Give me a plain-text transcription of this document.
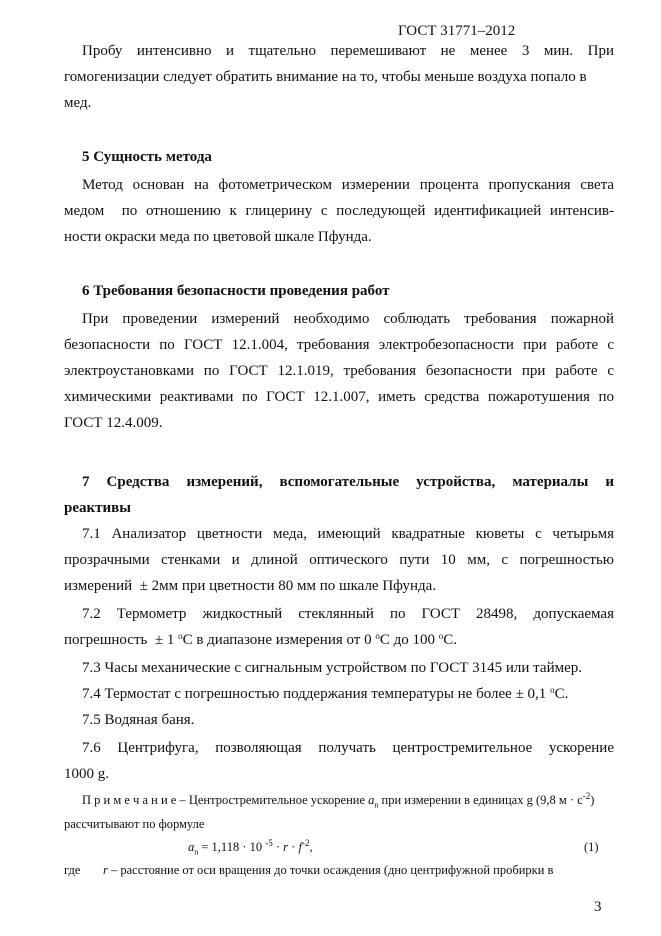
ГОСТ 31771–2012
Пробу интенсивно и тщательно перемешивают не менее 3 мин. При
гомогенизации следует обратить внимание на то, чтобы меньше воздуха попало в
мед.
5 Сущность метода
Метод основан на фотометрическом измерении процента пропускания света
медом  по отношению к глицерину с последующей идентификацией интенсив-
ности окраски меда по цветовой шкале Пфунда.
6 Требования безопасности проведения работ
При проведении измерений необходимо соблюдать требования пожарной
безопасности по ГОСТ 12.1.004, требования электробезопасности при работе с
электроустановками по ГОСТ 12.1.019, требования безопасности при работе с
химическими реактивами по ГОСТ 12.1.007, иметь средства пожаротушения по
ГОСТ 12.4.009.
7  Средства  измерений,  вспомогательные  устройства,  материалы  и
реактивы
7.1 Анализатор цветности меда, имеющий квадратные кюветы с четырьмя
прозрачными стенками и длиной оптического пути 10 мм, с погрешностью
измерений  ± 2мм при цветности 80 мм по шкале Пфунда.
7.2 Термометр жидкостный стеклянный по ГОСТ 28498, допускаемая
погрешность  ± 1 $^о$С в диапазоне измерения от 0 $^о$С до 100 $^о$С.
7.3 Часы механические с сигнальным устройством по ГОСТ 3145 или таймер.
7.4 Термостат с погрешностью поддержания температуры не более ± 0,1 $^о$С.
7.5 Водяная баня.
7.6 Центрифуга, позволяющая получать центростремительное ускорение
1000 g.
П р и м е ч а н и е – Центростремительное ускорение $a_n$ при измерении в единицах g (9,8 $м \cdot с^{-2}$)
рассчитывают по формуле
$a_n = 1,118 \cdot 10$ $^{-5} \cdot r \cdot f^{-2}$,	(1)
где r – расстояние от оси вращения до точки осаждения (дно центрифужной пробирки в
3
